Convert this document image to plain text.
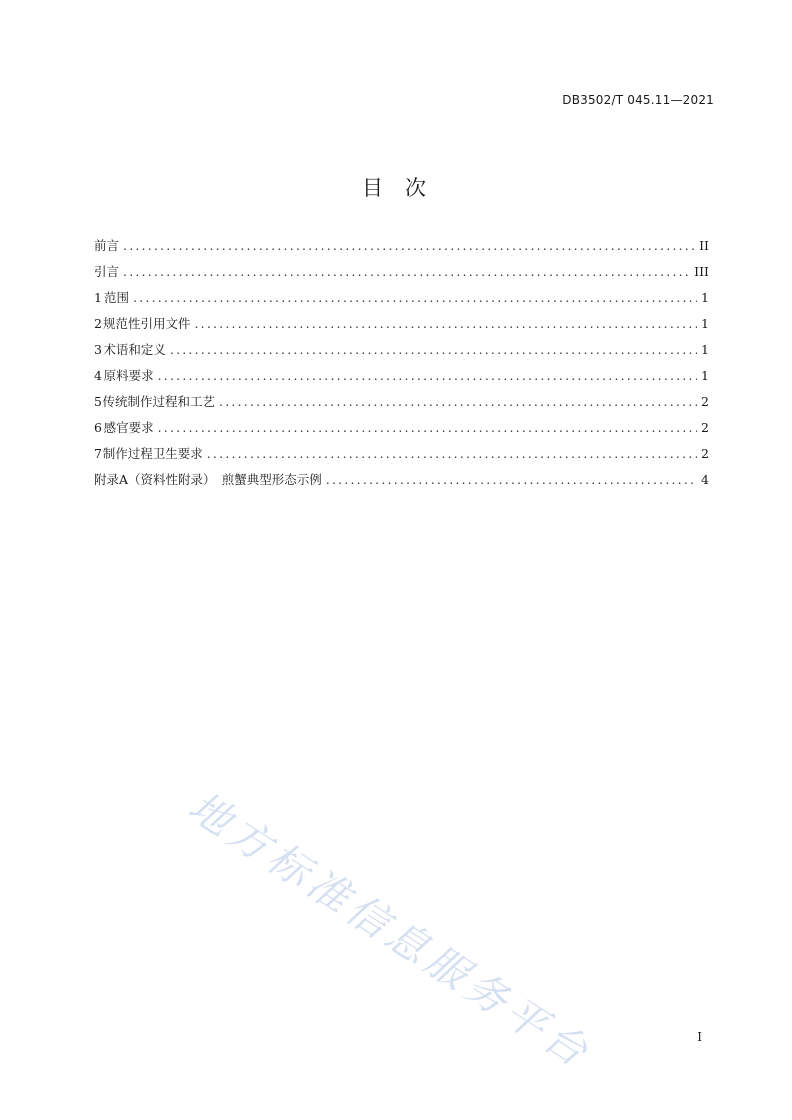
DB3502/T 045.11—2021
目 次
前言 .....	II
引言 .....	III
1 范围 .....	1
2 规范性引用文件 .....	1
3 术语和定义 .....	1
4 原料要求 .....	1
5 传统制作过程和工艺 .....	2
6 感官要求 .....	2
7 制作过程卫生要求 .....	2
附录A（资料性附录）　煎蟹典型形态示例 .....	4
地方标准信息服务平台	I
